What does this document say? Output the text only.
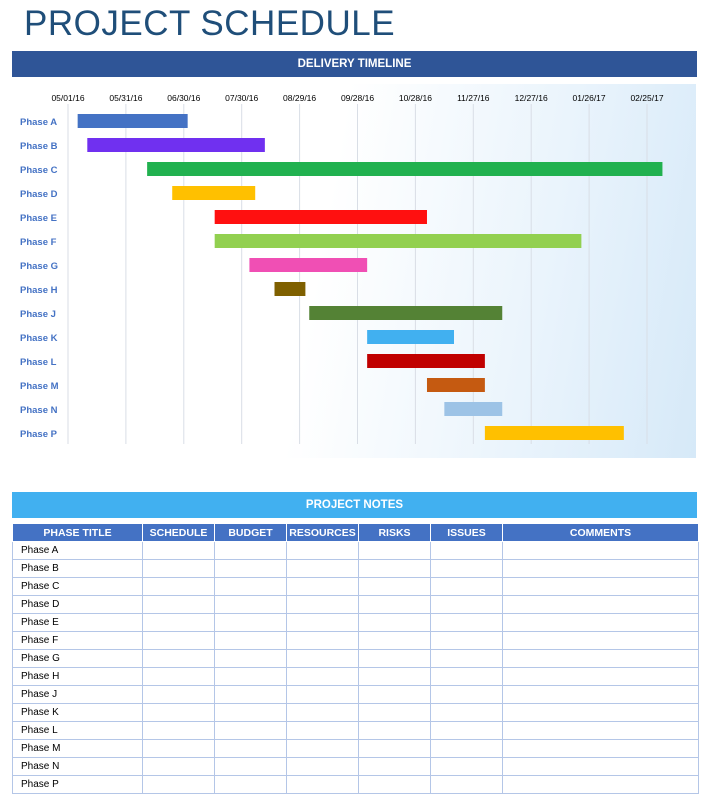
PROJECT SCHEDULE
DELIVERY TIMELINE
05/01/16	05/31/16	06/30/16	07/30/16	08/29/16	09/28/16	10/28/16	11/27/16	12/27/16	01/26/17	02/25/17
Phase A
Phase B
Phase C
Phase D
Phase E
Phase F
Phase G
Phase H
Phase J
Phase K
Phase L
Phase M
Phase N
Phase P
PROJECT NOTES
PHASE TITLE	SCHEDULE	BUDGET	RESOURCES	RISKS	ISSUES	COMMENTS
Phase A						
Phase B						
Phase C						
Phase D						
Phase E						
Phase F						
Phase G						
Phase H						
Phase J						
Phase K						
Phase L						
Phase M						
Phase N						
Phase P						
